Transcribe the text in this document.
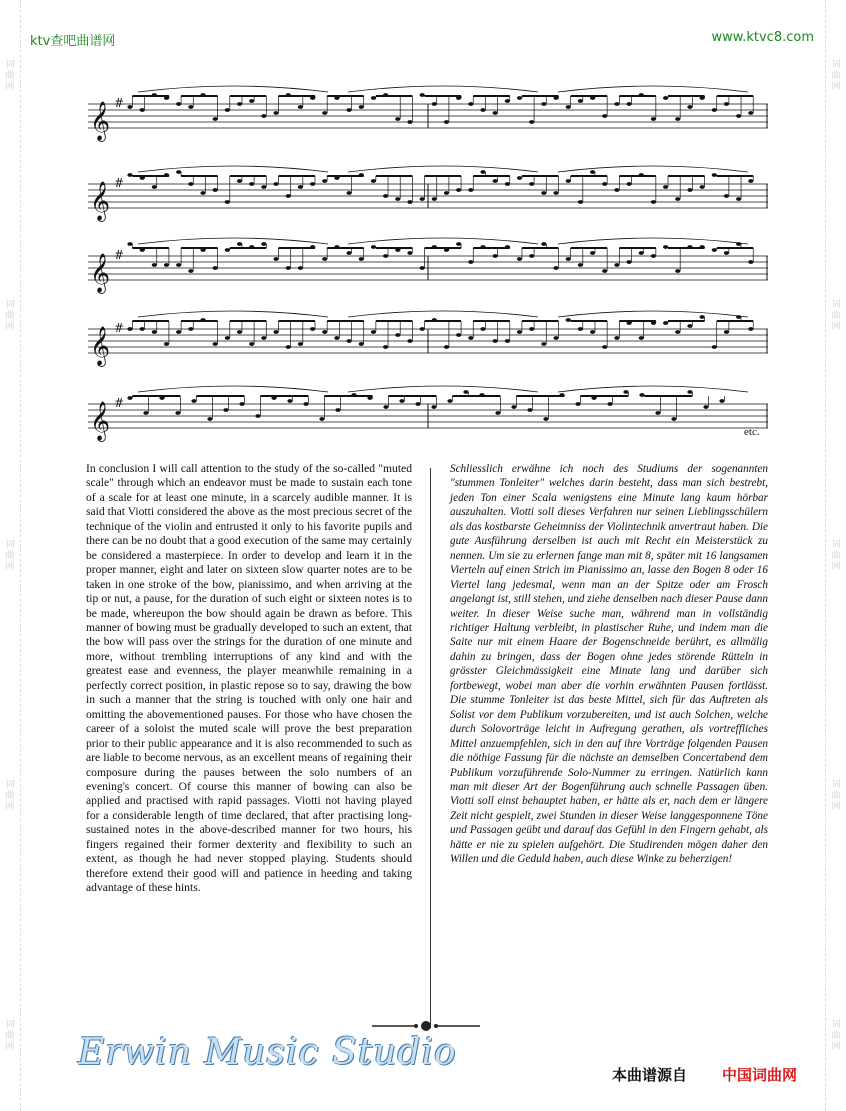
词曲网
词曲网
词曲网
词曲网
词曲网
词曲网
词曲网
词曲网
词曲网
词曲网
ktv查吧曲谱网	www.ktvc8.com
𝄞 #
𝄞 #
𝄞 #
𝄞 #
𝄞 #
etc.

In conclusion I will call attention to the study of the so-called "muted scale" through which an endeavor must be made to sustain each tone of a scale for at least one minute, in a scarcely audible manner. It is said that Viotti considered the above as the most precious secret of the technique of the violin and entrusted it only to his favorite pupils and there can be no doubt that a good execution of the same may certainly be considered a masterpiece. In order to develop and learn it in the proper manner, eight and later on sixteen slow quarter notes are to be taken in one stroke of the bow, pianissimo, and when arriving at the tip or nut, a pause, for the duration of such eight or sixteen notes is to be made, whereupon the bow should again be drawn as before. This manner of bowing must be gradually developed to such an extent, that the bow will pass over the strings for the duration of one minute and more, without trembling interruptions of any kind and with the greatest ease and evenness, the player meanwhile remaining in a perfectly correct position, in plastic repose so to say, drawing the bow in such a manner that the string is touched with only one hair and omitting the abovementioned pauses. For those who have chosen the career of a soloist the muted scale will prove the best preparation prior to their public appearance and it is also recommended to such as are liable to become nervous, as an excellent means of regaining their composure during the pauses between the solo numbers of an evening's concert. Of course this manner of bowing can also be applied and practised with rapid passages. Viotti not having played for a considerable length of time declared, that after practising long-sustained notes in the above-described manner for two hours, his fingers regained their former dexterity and flexibility to such an extent, as though he had never stopped playing. Students should therefore extend their good will and patience in heeding and taking advantage of these hints.

Schliesslich erwähne ich noch des Studiums der sogenannten "stummen Tonleiter" welches darin besteht, dass man sich bestrebt, jeden Ton einer Scala wenigstens eine Minute lang kaum hörbar auszuhalten. Viotti soll dieses Verfahren nur seinen Lieblingsschülern als das kostbarste Geheimniss der Violintechnik anvertraut haben. Die gute Ausführung derselben ist auch mit Recht ein Meisterstück zu nennen. Um sie zu erlernen fange man mit 8, später mit 16 langsamen Vierteln auf einen Strich im Pianissimo an, lasse den Bogen 8 oder 16 Viertel lang jedesmal, wenn man an der Spitze oder am Frosch angelangt ist, still stehen, und ziehe denselben nach dieser Pause dann weiter. In dieser Weise suche man, während man in vollständig richtiger Haltung verbleibt, in plastischer Ruhe, und indem man die Saite nur mit einem Haare der Bogenschneide berührt, es allmälig dahin zu bringen, dass der Bogen ohne jedes störende Rütteln in grösster Gleichmässigkeit eine Minute lang und darüber sich fortbewegt, wobei man aber die vorhin erwähnten Pausen fortlässt. Die stumme Tonleiter ist das beste Mittel, sich für das Auftreten als Solist vor dem Publikum vorzubereiten, und ist auch Solchen, welche durch Solovorträge leicht in Aufregung gerathen, als vortreffliches Mittel anzuempfehlen, sich in den auf ihre Vorträge folgenden Pausen die nöthige Fassung für die nächste an demselben Concertabend dem Publikum vorzuführende Solo-Nummer zu erringen. Natürlich kann man mit dieser Art der Bogenführung auch schnelle Passagen üben. Viotti soll einst behauptet haben, er hätte als er, nach dem er längere Zeit nicht gespielt, zwei Stunden in dieser Weise langgesponnene Töne und Passagen geübt und darauf das Gefühl in den Fingern gehabt, als hätte er nie zu spielen aufgehört. Die Studirenden mögen daher den Willen und die Geduld haben, auch diese Winke zu beherzigen!

Erwin Music Studio
本曲谱源自 中国词曲网
